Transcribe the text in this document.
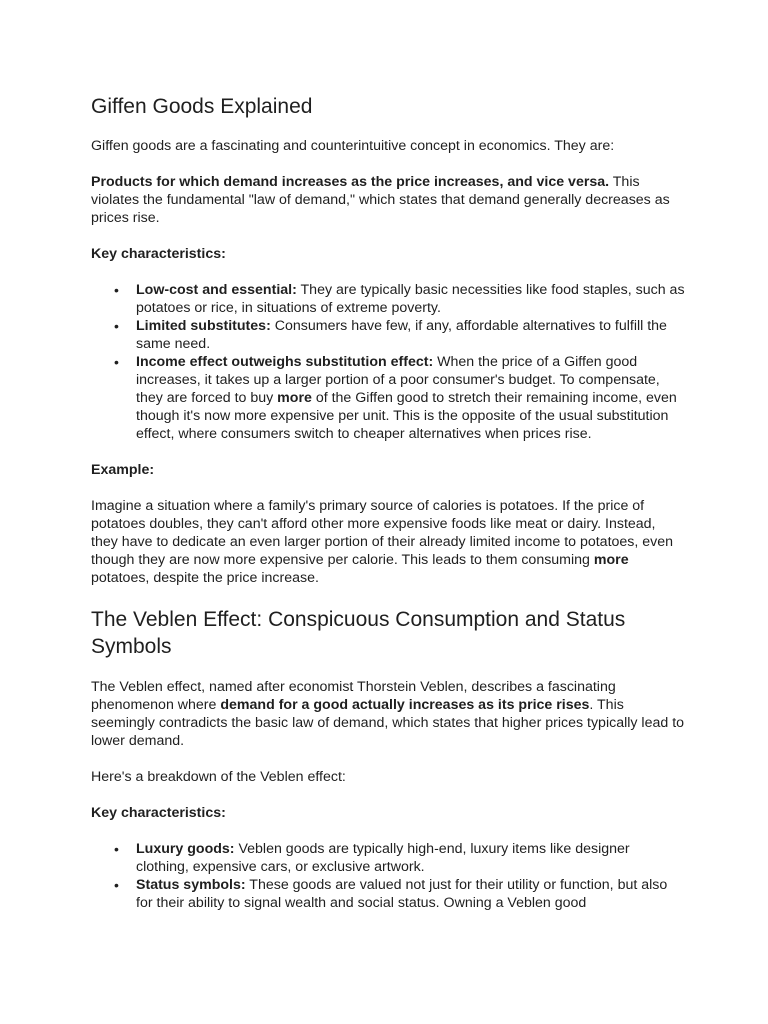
Giffen Goods Explained

Giffen goods are a fascinating and counterintuitive concept in economics. They are:

Products for which demand increases as the price increases, and vice versa. This violates the fundamental "law of demand," which states that demand generally decreases as prices rise.

Key characteristics:

• Low-cost and essential: They are typically basic necessities like food staples, such as potatoes or rice, in situations of extreme poverty.
• Limited substitutes: Consumers have few, if any, affordable alternatives to fulfill the same need.
• Income effect outweighs substitution effect: When the price of a Giffen good increases, it takes up a larger portion of a poor consumer's budget. To compensate, they are forced to buy more of the Giffen good to stretch their remaining income, even though it's now more expensive per unit. This is the opposite of the usual substitution effect, where consumers switch to cheaper alternatives when prices rise.

Example:

Imagine a situation where a family's primary source of calories is potatoes. If the price of potatoes doubles, they can't afford other more expensive foods like meat or dairy. Instead, they have to dedicate an even larger portion of their already limited income to potatoes, even though they are now more expensive per calorie. This leads to them consuming more potatoes, despite the price increase.

The Veblen Effect: Conspicuous Consumption and Status Symbols

The Veblen effect, named after economist Thorstein Veblen, describes a fascinating phenomenon where demand for a good actually increases as its price rises. This seemingly contradicts the basic law of demand, which states that higher prices typically lead to lower demand.

Here's a breakdown of the Veblen effect:

Key characteristics:

• Luxury goods: Veblen goods are typically high-end, luxury items like designer clothing, expensive cars, or exclusive artwork.
• Status symbols: These goods are valued not just for their utility or function, but also for their ability to signal wealth and social status. Owning a Veblen good
